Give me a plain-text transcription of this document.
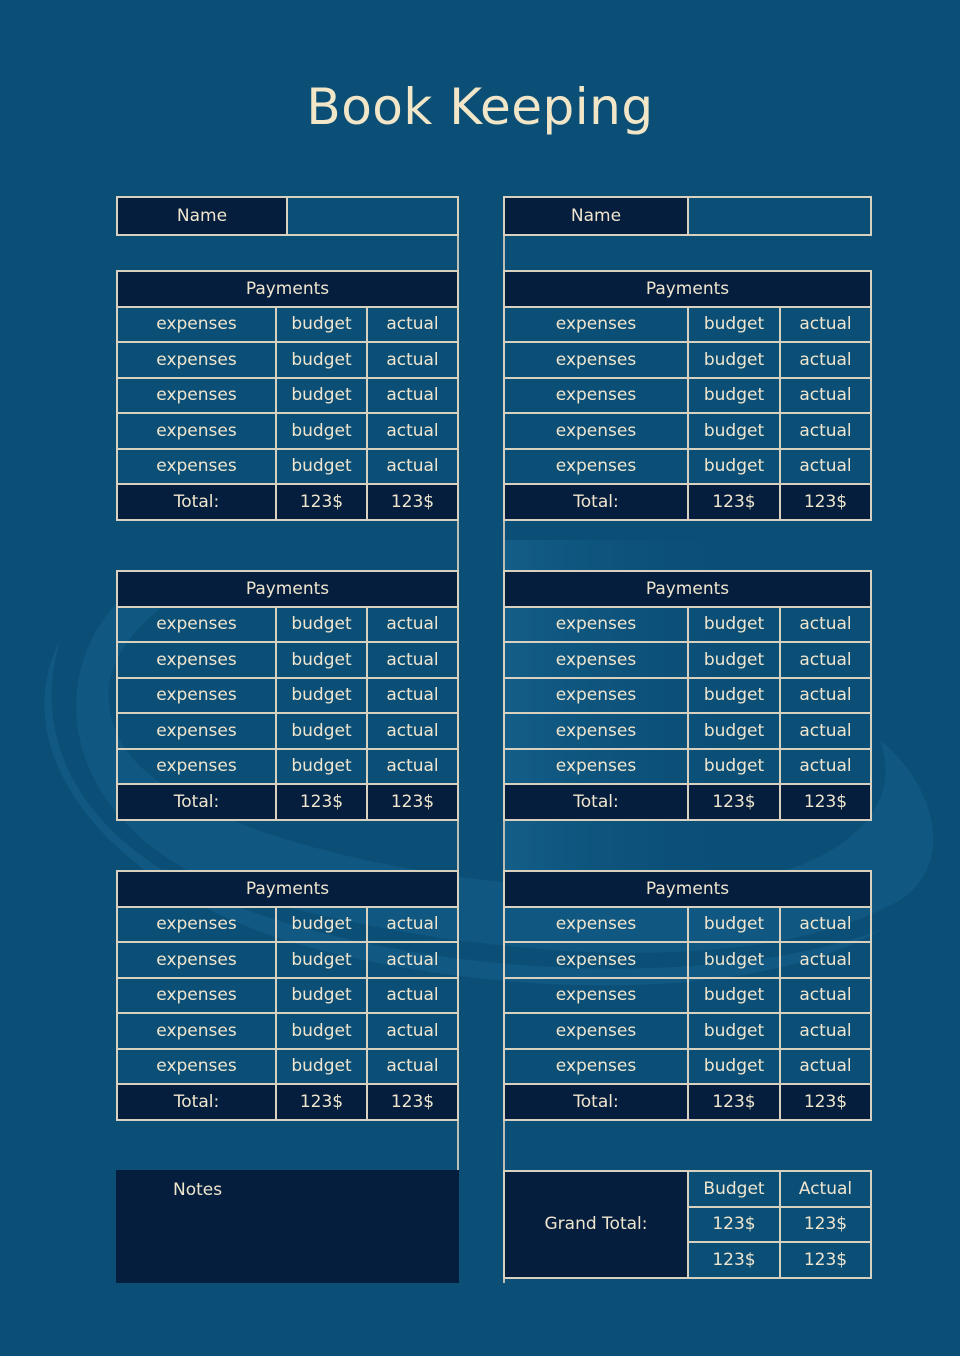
Book Keeping
Name
Payments		
expenses	budget	actual
expenses	budget	actual
expenses	budget	actual
expenses	budget	actual
expenses	budget	actual
Total:	123$	123$
Payments		
expenses	budget	actual
expenses	budget	actual
expenses	budget	actual
expenses	budget	actual
expenses	budget	actual
Total:	123$	123$
Payments		
expenses	budget	actual
expenses	budget	actual
expenses	budget	actual
expenses	budget	actual
expenses	budget	actual
Total:	123$	123$
Notes
Name
Payments		
expenses	budget	actual
expenses	budget	actual
expenses	budget	actual
expenses	budget	actual
expenses	budget	actual
Total:	123$	123$
Payments		
expenses	budget	actual
expenses	budget	actual
expenses	budget	actual
expenses	budget	actual
expenses	budget	actual
Total:	123$	123$
Payments		
expenses	budget	actual
expenses	budget	actual
expenses	budget	actual
expenses	budget	actual
expenses	budget	actual
Total:	123$	123$
Grand Total:	Budget	Actual
	123$	123$
	123$	123$
